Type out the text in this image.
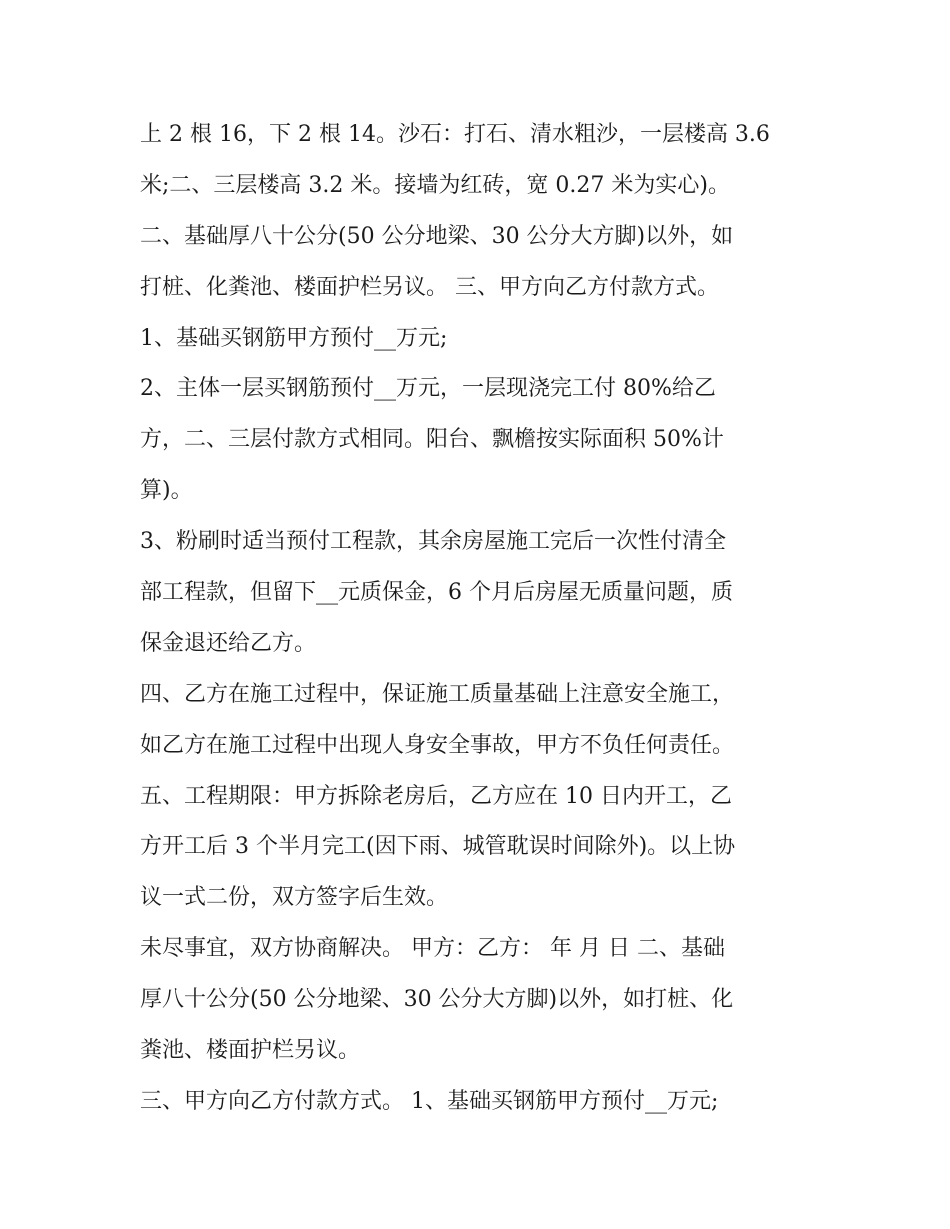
上 2 根 16，下 2 根 14。沙石：打石、清水粗沙，一层楼高 3.6
米;二、三层楼高 3.2 米。接墙为红砖，宽 0.27 米为实心)。
二、基础厚八十公分(50 公分地梁、30 公分大方脚)以外，如
打桩、化粪池、楼面护栏另议。 三、甲方向乙方付款方式。
1、基础买钢筋甲方预付__万元;
2、主体一层买钢筋预付__万元，一层现浇完工付 80%给乙
方，二、三层付款方式相同。阳台、飘檐按实际面积 50%计
算)。
3、粉刷时适当预付工程款，其余房屋施工完后一次性付清全
部工程款，但留下__元质保金，6 个月后房屋无质量问题，质
保金退还给乙方。
四、乙方在施工过程中，保证施工质量基础上注意安全施工，
如乙方在施工过程中出现人身安全事故，甲方不负任何责任。
五、工程期限：甲方拆除老房后，乙方应在 10 日内开工，乙
方开工后 3 个半月完工(因下雨、城管耽误时间除外)。以上协
议一式二份，双方签字后生效。
未尽事宜，双方协商解决。 甲方：乙方： 年 月 日 二、基础
厚八十公分(50 公分地梁、30 公分大方脚)以外，如打桩、化
粪池、楼面护栏另议。
三、甲方向乙方付款方式。 1、基础买钢筋甲方预付__万元;
